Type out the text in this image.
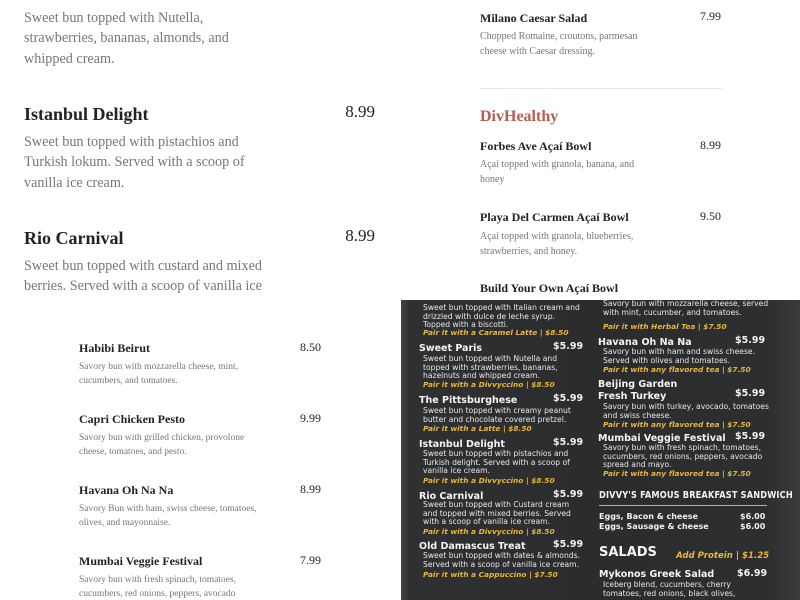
Sweet bun topped with Nutella, strawberries, bananas, almonds, and whipped cream.

Istanbul Delight	8.99

Sweet bun topped with pistachios and Turkish lokum. Served with a scoop of vanilla ice cream.

Rio Carnival	8.99

Sweet bun topped with custard and mixed berries. Served with a scoop of vanilla ice

Milano Caesar Salad	7.99

Chopped Romaine, croutons, parmesan cheese with Caesar dressing.

DivHealthy
Forbes Ave Açaí Bowl	8.99

Açaí topped with granola, banana, and honey

Playa Del Carmen Açaí Bowl	9.50

Açaí topped with granola, blueberries, strawberries, and honey.

Build Your Own Açaí Bowl
Habibi Beirut	8.50

Savory bun with mozzarella cheese, mint, cucumbers, and tomatoes.

Capri Chicken Pesto	9.99

Savory bun with grilled chicken, provolone cheese, tomatoes, and pesto.

Havana Oh Na Na	8.99

Savory Bun with ham, swiss cheese, tomatoes, olives, and mayonnaise.

Mumbai Veggie Festival	7.99

Savory bun with fresh spinach, tomatoes, cucumbers, red onions, peppers, avocado

Sweet bun topped with Italian cream and drizzled with dulce de leche syrup. Topped with a biscotti.

Pair it with a Caramel Latte | $8.50
Sweet Paris	$5.99

Sweet bun topped with Nutella and topped with strawberries, bananas, hazelnuts and whipped cream.

Pair it with a Divvyccino | $8.50
The Pittsburghese	$5.99

Sweet bun topped with creamy peanut butter and chocolate covered pretzel.

Pair it with a Latte | $8.50
Istanbul Delight	$5.99

Sweet bun topped with pistachios and Turkish delight. Served with a scoop of vanilla ice cream.

Pair it with a Divvyccino | $8.50
Rio Carnival	$5.99

Sweet bun topped with Custard cream and topped with mixed berries. Served with a scoop of vanilla ice cream.

Pair it with a Divvyccino | $8.50
Old Damascus Treat	$5.99

Sweet bun topped with dates & almonds. Served with a scoop of vanilla ice cream.

Pair it with a Cappuccino | $7.50

Savory bun with mozzarella cheese, served with mint, cucumber, and tomatoes.

Pair it with Herbal Tea | $7.50
Havana Oh Na Na	$5.99

Savory bun with ham and swiss cheese. Served with olives and tomatoes.

Pair it with any flavored tea | $7.50
Beijing Garden Fresh Turkey	$5.99

Savory bun with turkey, avocado, tomatoes and swiss cheese.

Pair it with any flavored tea | $7.50
Mumbai Veggie Festival $5.99

Savory bun with fresh spinach, tomatoes, cucumbers, red onions, peppers, avocado spread and mayo.

Pair it with any flavored tea | $7.50
DIVVY'S FAMOUS BREAKFAST SANDWICH
Eggs, Bacon & cheese	$6.00
Eggs, Sausage & cheese	$6.00
SALADS Add Protein | $1.25
Mykonos Greek Salad $6.99

Iceberg blend, cucumbers, cherry tomatoes, red onions, black olives,
